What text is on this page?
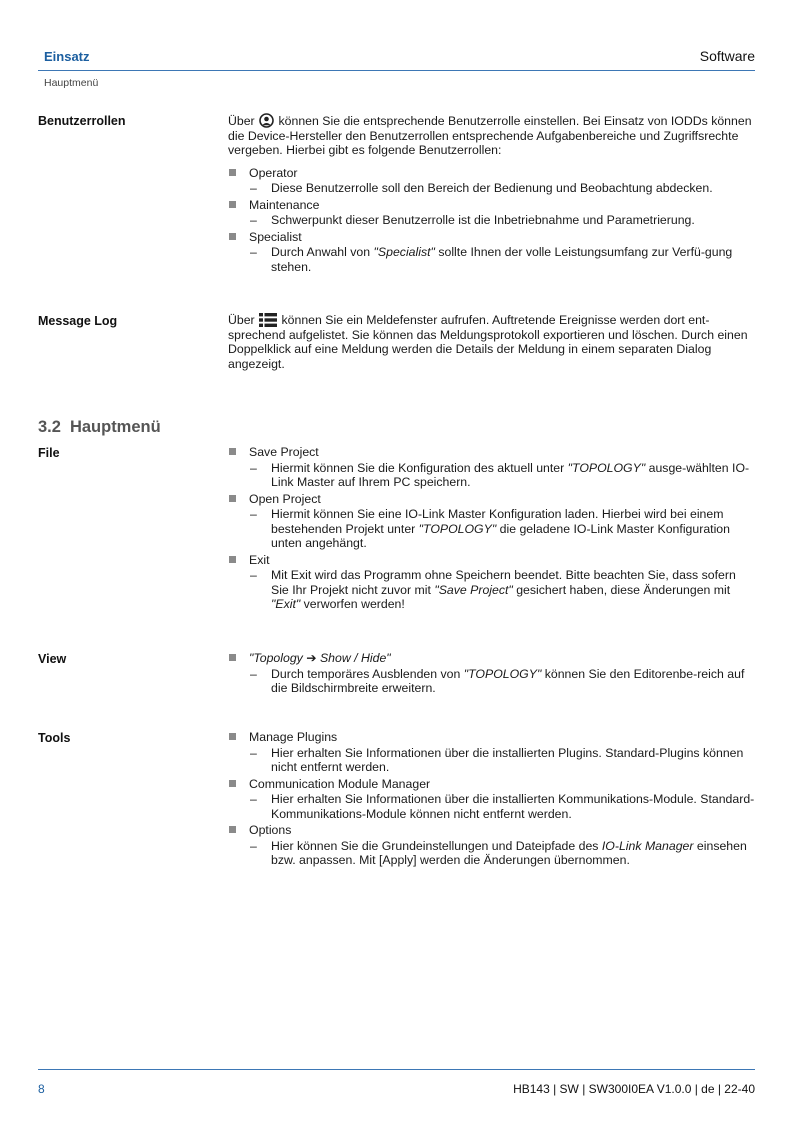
Einsatz	Software
Hauptmenü
Benutzerrollen	Über können Sie die entsprechende Benutzerrolle einstellen. Bei Einsatz von IODDs können die Device-Hersteller den Benutzerrollen entsprechende Aufgabenbereiche und Zugriffsrechte vergeben. Hierbei gibt es folgende Benutzerrollen:

Operator
– Diese Benutzerrolle soll den Bereich der Bedienung und Beobachtung abdecken.
Maintenance
– Schwerpunkt dieser Benutzerrolle ist die Inbetriebnahme und Parametrierung.
Specialist
– Durch Anwahl von "Specialist" sollte Ihnen der volle Leistungsumfang zur Verfü-gung stehen.
Message Log	Über können Sie ein Meldefenster aufrufen. Auftretende Ereignisse werden dort ent-sprechend aufgelistet. Sie können das Meldungsprotokoll exportieren und löschen. Durch einen Doppelklick auf eine Meldung werden die Details der Meldung in einem separaten Dialog angezeigt.

3.2 Hauptmenü
File	Save Project
– Hiermit können Sie die Konfiguration des aktuell unter "TOPOLOGY" ausge-wählten IO-Link Master auf Ihrem PC speichern.
Open Project
– Hiermit können Sie eine IO-Link Master Konfiguration laden. Hierbei wird bei einem bestehenden Projekt unter "TOPOLOGY" die geladene IO-Link Master Konfiguration unten angehängt.
Exit
– Mit Exit wird das Programm ohne Speichern beendet. Bitte beachten Sie, dass sofern Sie Ihr Projekt nicht zuvor mit "Save Project" gesichert haben, diese Änderungen mit "Exit" verworfen werden!
View	"Topology ➔ Show / Hide"
– Durch temporäres Ausblenden von "TOPOLOGY" können Sie den Editorenbe-reich auf die Bildschirmbreite erweitern.
Tools	Manage Plugins
– Hier erhalten Sie Informationen über die installierten Plugins. Standard-Plugins können nicht entfernt werden.
Communication Module Manager
– Hier erhalten Sie Informationen über die installierten Kommunikations-Module. Standard-Kommunikations-Module können nicht entfernt werden.
Options
– Hier können Sie die Grundeinstellungen und Dateipfade des IO-Link Manager einsehen bzw. anpassen. Mit [Apply] werden die Änderungen übernommen.
8	HB143 | SW | SW300I0EA V1.0.0 | de | 22-40
